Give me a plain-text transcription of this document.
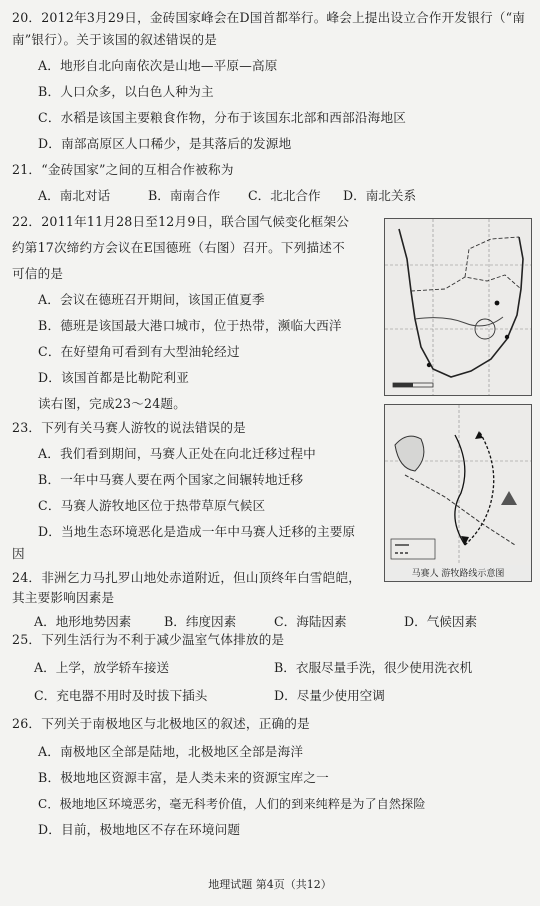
20．2012年3月29日，金砖国家峰会在D国首都举行。峰会上提出设立合作开发银行（“南
南”银行）。关于该国的叙述错误的是
A．地形自北向南依次是山地—平原—高原
B．人口众多，以白色人种为主
C．水稻是该国主要粮食作物，分布于该国东北部和西部沿海地区
D．南部高原区人口稀少，是其落后的发源地
21．“金砖国家”之间的互相合作被称为
A．南北对话	B．南南合作 C．北北合作 D．南北关系
22．2011年11月28日至12月9日，联合国气候变化框架公
约第17次缔约方会议在E国德班（右图）召开。下列描述不
可信的是
A．会议在德班召开期间，该国正值夏季
B．德班是该国最大港口城市，位于热带，濒临大西洋
C．在好望角可看到有大型油轮经过
D．该国首都是比勒陀利亚
读右图，完成23～24题。
23．下列有关马赛人游牧的说法错误的是
A．我们看到期间，马赛人正处在向北迁移过程中
B．一年中马赛人要在两个国家之间辗转地迁移
C．马赛人游牧地区位于热带草原气候区
D．当地生态环境恶化是造成一年中马赛人迁移的主要原
因
24．非洲乞力马扎罗山地处赤道附近，但山顶终年白雪皑皑，
其主要影响因素是
A．地形地势因素	B．纬度因素	C．海陆因素	D．气候因素
25．下列生活行为不利于减少温室气体排放的是
A．上学，放学轿车接送	B．衣服尽量手洗，很少使用洗衣机
C．充电器不用时及时拔下插头	D．尽量少使用空调
26．下列关于南极地区与北极地区的叙述，正确的是
A．南极地区全部是陆地，北极地区全部是海洋
B．极地地区资源丰富，是人类未来的资源宝库之一
C．极地地区环境恶劣，毫无科考价值，人们的到来纯粹是为了自然探险
D．目前，极地地区不存在环境问题
马赛人 游牧路线示意图
地理试题 第4页（共12）
